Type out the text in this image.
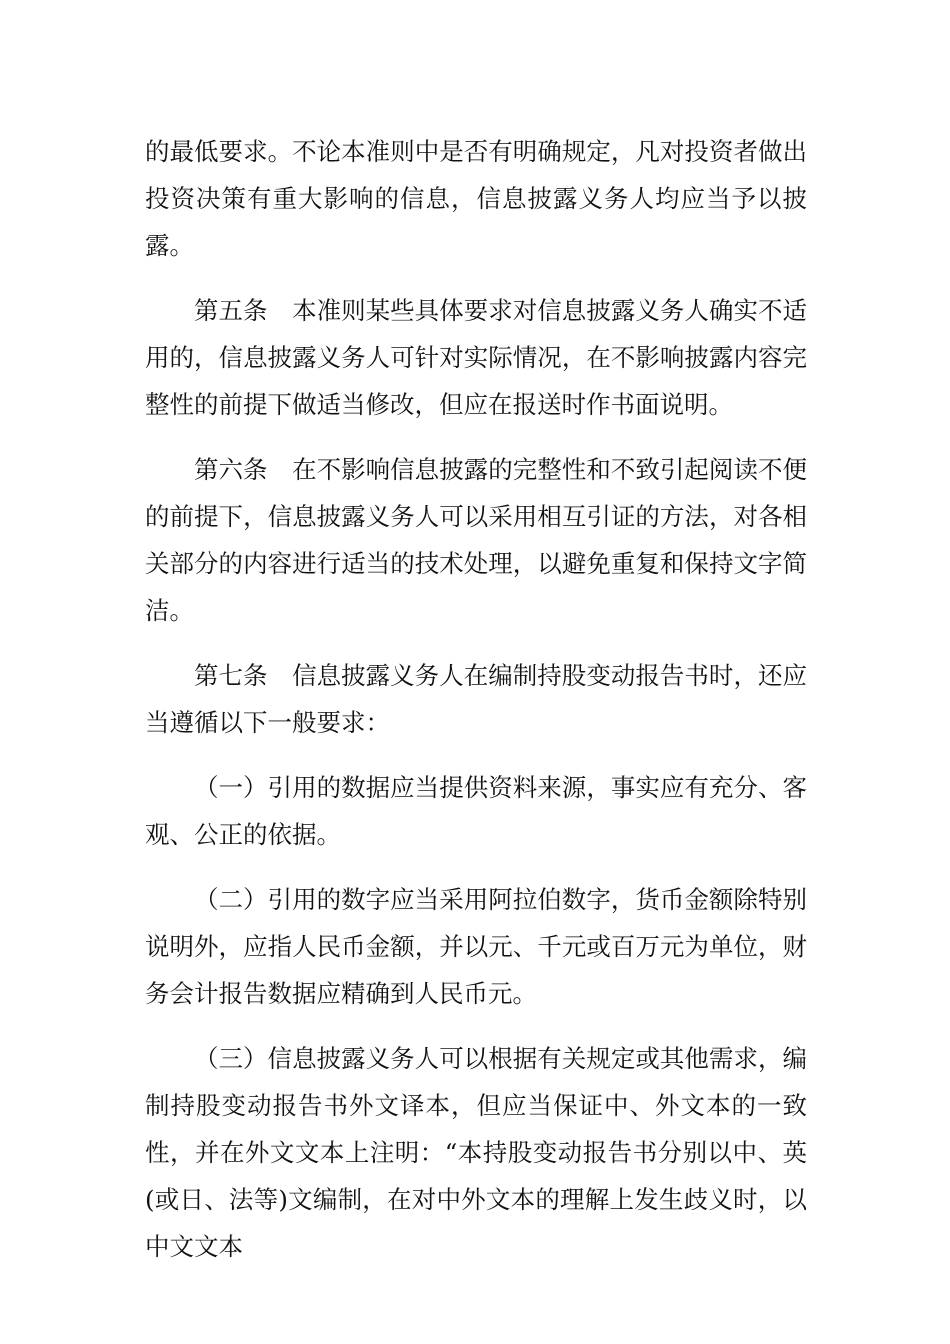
的最低要求。不论本准则中是否有明确规定，凡对投资者做出投资决策有重大影响的信息，信息披露义务人均应当予以披露。

第五条　本准则某些具体要求对信息披露义务人确实不适用的，信息披露义务人可针对实际情况，在不影响披露内容完整性的前提下做适当修改，但应在报送时作书面说明。

第六条　在不影响信息披露的完整性和不致引起阅读不便的前提下，信息披露义务人可以采用相互引证的方法，对各相关部分的内容进行适当的技术处理，以避免重复和保持文字简洁。

第七条　信息披露义务人在编制持股变动报告书时，还应当遵循以下一般要求：

（一）引用的数据应当提供资料来源，事实应有充分、客观、公正的依据。

（二）引用的数字应当采用阿拉伯数字，货币金额除特别说明外，应指人民币金额，并以元、千元或百万元为单位，财务会计报告数据应精确到人民币元。

（三）信息披露义务人可以根据有关规定或其他需求，编制持股变动报告书外文译本，但应当保证中、外文本的一致性，并在外文文本上注明：“本持股变动报告书分别以中、英(或日、法等)文编制，在对中外文本的理解上发生歧义时，以中文文本
